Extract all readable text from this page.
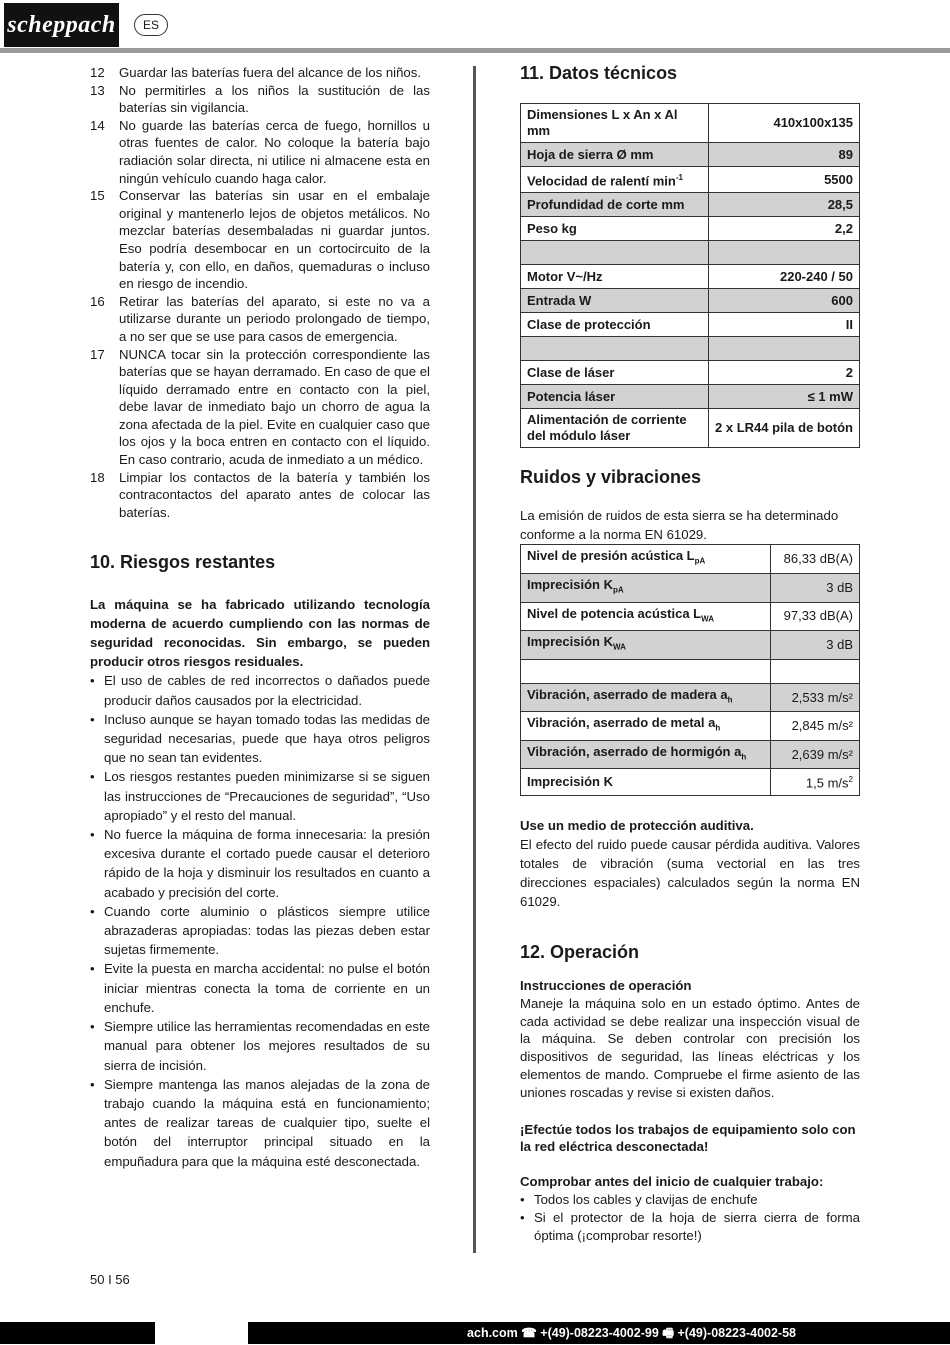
scheppach	ES
12	Guardar las baterías fuera del alcance de los niños.
13	No permitirles a los niños la sustitución de las baterías sin vigilancia.
14	No guarde las baterías cerca de fuego, hornillos u otras fuentes de calor. No coloque la batería bajo radiación solar directa, ni utilice ni almacene esta en ningún vehículo cuando haga calor.
15	Conservar las baterías sin usar en el embalaje original y mantenerlo lejos de objetos metálicos. No mezclar baterías desembaladas ni guardar juntos. Eso podría desembocar en un cortocircuito de la batería y, con ello, en daños, quemaduras o incluso en riesgo de incendio.
16	Retirar las baterías del aparato, si este no va a utilizarse durante un periodo prolongado de tiempo, a no ser que se use para casos de emergencia.
17	NUNCA tocar sin la protección correspondiente las baterías que se hayan derramado. En caso de que el líquido derramado entre en contacto con la piel, debe lavar de inmediato bajo un chorro de agua la zona afectada de la piel. Evite en cualquier caso que los ojos y la boca entren en contacto con el líquido. En caso contrario, acuda de inmediato a un médico.
18	Limpiar los contactos de la batería y también los contracontactos del aparato antes de colocar las baterías.
10. Riesgos restantes
La máquina se ha fabricado utilizando tecnología moderna de acuerdo cumpliendo con las normas de seguridad reconocidas. Sin embargo, se pueden producir otros riesgos residuales.
• El uso de cables de red incorrectos o dañados puede producir daños causados por la electricidad.
• Incluso aunque se hayan tomado todas las medidas de seguridad necesarias, puede que haya otros peligros que no sean tan evidentes.
• Los riesgos restantes pueden minimizarse si se siguen las instrucciones de “Precauciones de seguridad”, “Uso apropiado” y el resto del manual.
• No fuerce la máquina de forma innecesaria: la presión excesiva durante el cortado puede causar el deterioro rápido de la hoja y disminuir los resultados en cuanto a acabado y precisión del corte.
• Cuando corte aluminio o plásticos siempre utilice abrazaderas apropiadas: todas las piezas deben estar sujetas firmemente.
• Evite la puesta en marcha accidental: no pulse el botón iniciar mientras conecta la toma de corriente en un enchufe.
• Siempre utilice las herramientas recomendadas en este manual para obtener los mejores resultados de su sierra de incisión.
• Siempre mantenga las manos alejadas de la zona de trabajo cuando la máquina está en funcionamiento; antes de realizar tareas de cualquier tipo, suelte el botón del interruptor principal situado en la empuñadura para que la máquina esté desconectada.
11. Datos técnicos
Dimensiones L x An x Al mm	410x100x135
Hoja de sierra Ø mm	89
Velocidad de ralentí $\min^{-1}$	5500
Profundidad de corte mm	28,5
Peso kg	2,2

Motor V~/Hz	220-240 / 50
Entrada W	600
Clase de protección	II

Clase de láser	2
Potencia láser	≤ 1 mW
Alimentación de corriente del módulo láser	2 x LR44 pila de botón
Ruidos y vibraciones
La emisión de ruidos de esta sierra se ha determinado conforme a la norma EN 61029.
Nivel de presión acústica $L_{pA}$	86,33 dB(A)
Imprecisión $K_{pA}$	3 dB
Nivel de potencia acústica $L_{WA}$	97,33 dB(A)
Imprecisión $K_{WA}$	3 dB

Vibración, aserrado de madera $a_h$	2,533 m/s²
Vibración, aserrado de metal $a_h$	2,845 m/s²
Vibración, aserrado de hormigón $a_h$	2,639 m/s²
Imprecisión K	1,5 $m/s^2$
Use un medio de protección auditiva.
El efecto del ruido puede causar pérdida auditiva. Valores totales de vibración (suma vectorial en las tres direcciones espaciales) calculados según la norma EN 61029.
12. Operación
Instrucciones de operación
Maneje la máquina solo en un estado óptimo. Antes de cada actividad se debe realizar una inspección visual de la máquina. Se deben controlar con precisión los dispositivos de seguridad, las líneas eléctricas y los elementos de mando. Compruebe el firme asiento de las uniones roscadas y revise si existen daños.
¡Efectúe todos los trabajos de equipamiento solo con la red eléctrica desconectada!
Comprobar antes del inicio de cualquier trabajo:
• Todos los cables y clavijas de enchufe
• Si el protector de la hoja de sierra cierra de forma óptima (¡comprobar resorte!)
50 I 56
ach.com ☎ +(49)-08223-4002-99 🖷 +(49)-08223-4002-58
